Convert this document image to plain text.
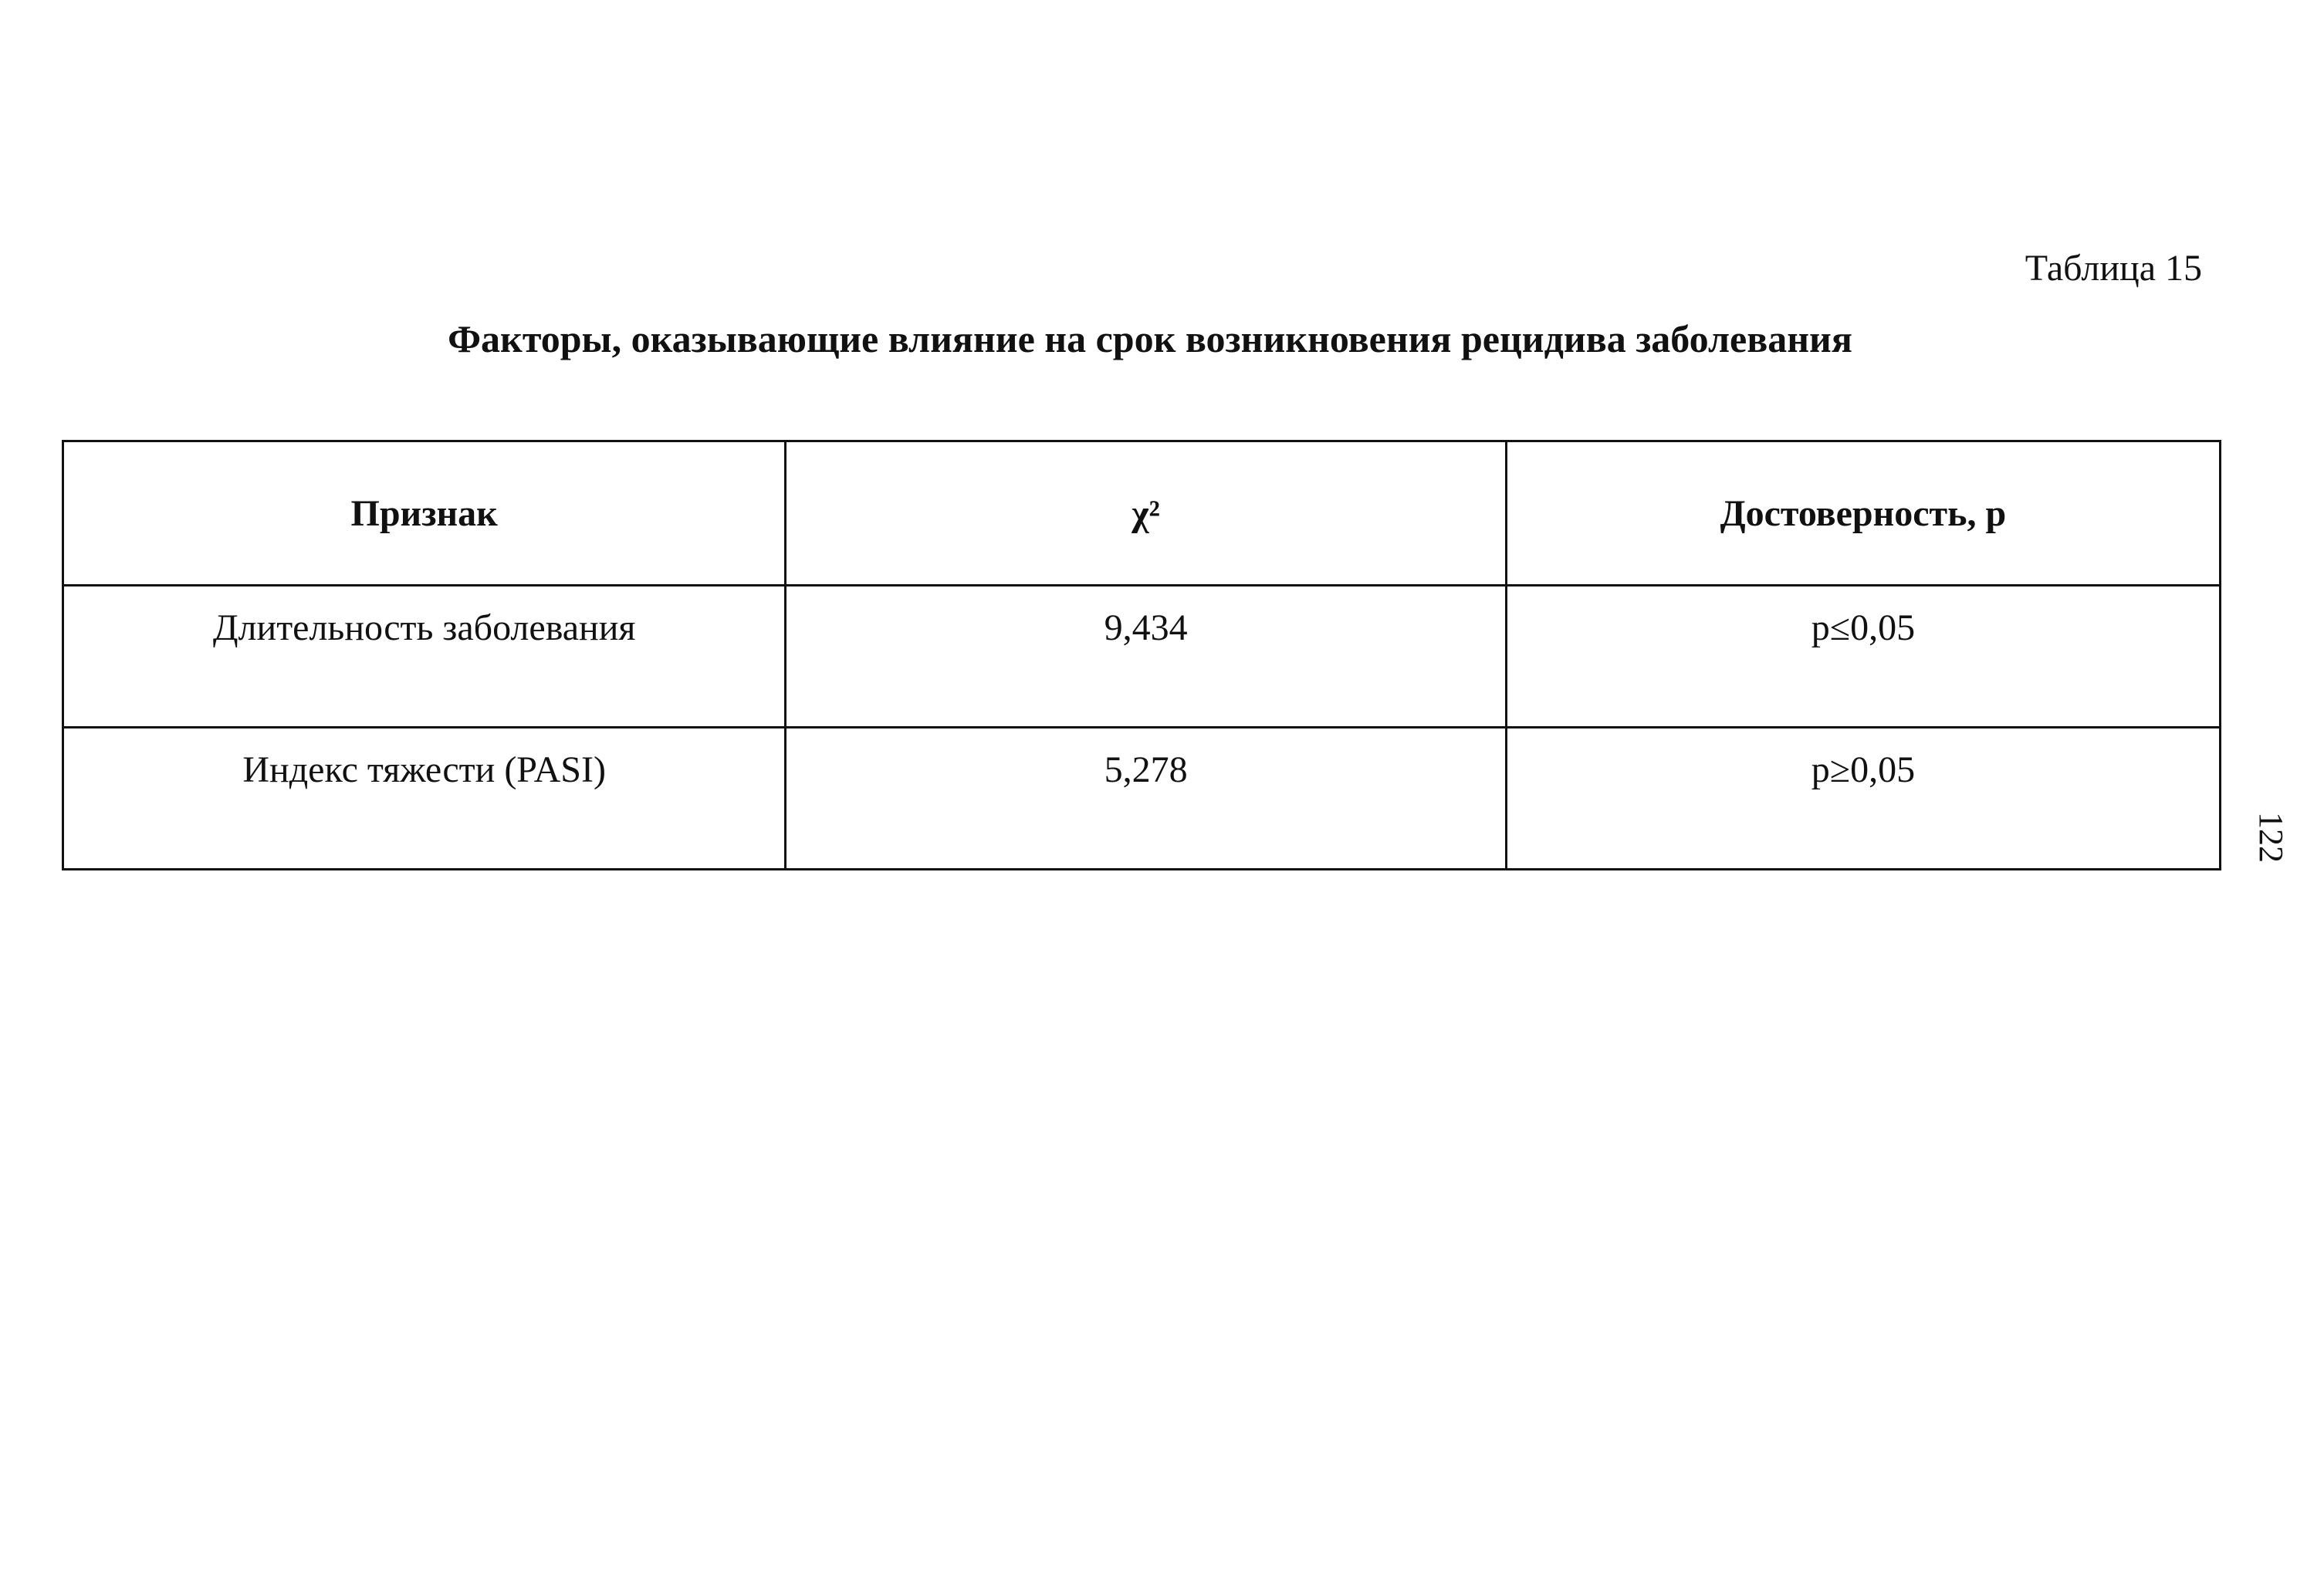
Таблица 15

Факторы, оказывающие влияние на срок возникновения рецидива заболевания
Признак	χ²	Достоверность, р
Длительность заболевания	9,434	р≤0,05
Индекс тяжести (PASI)	5,278	р≥0,05

122
